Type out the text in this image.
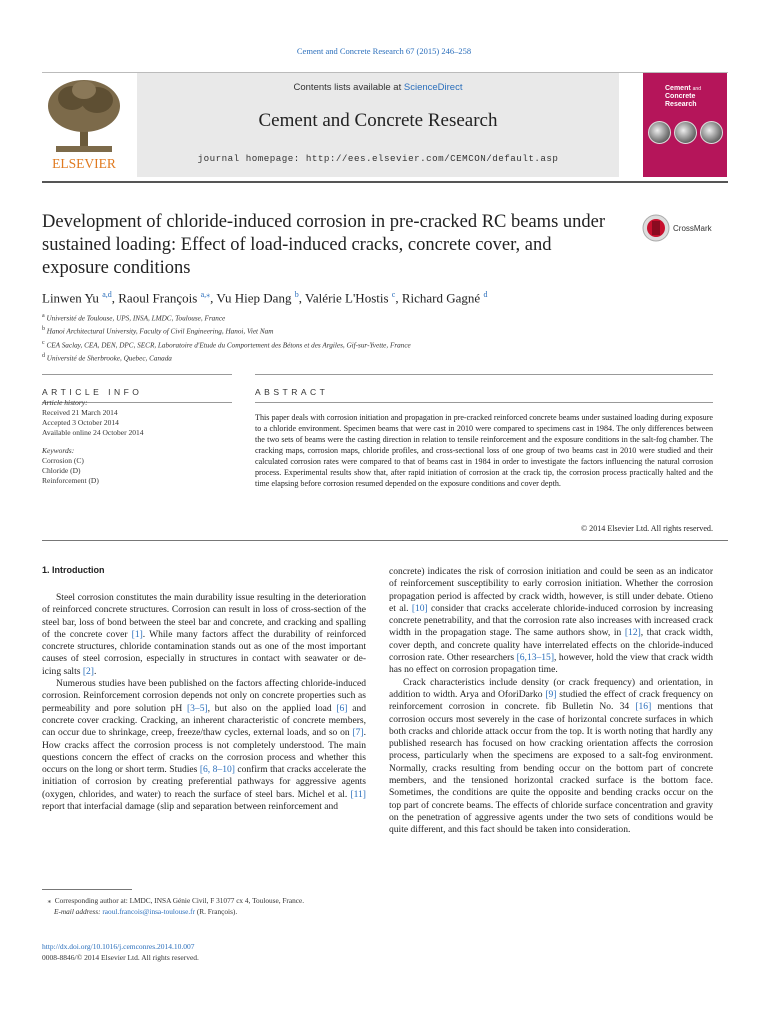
Cement and Concrete Research 67 (2015) 246–258
ELSEVIER
Contents lists available at ScienceDirect
Cement and Concrete Research
journal homepage: http://ees.elsevier.com/CEMCON/default.asp
Cement and
Concrete
Research
Development of chloride-induced corrosion in pre-cracked RC beams under sustained loading: Effect of load-induced cracks, concrete cover, and exposure conditions
CrossMark
Linwen Yu $^{a,d}$, Raoul François $^{a,⁎}$, Vu Hiep Dang $^b$, Valérie L'Hostis $^c$, Richard Gagné $^d$
$^a$ Université de Toulouse, UPS, INSA, LMDC, Toulouse, France
$^b$ Hanoi Architectural University, Faculty of Civil Engineering, Hanoi, Viet Nam
$^c$ CEA Saclay, CEA, DEN, DPC, SECR, Laboratoire d'Etude du Comportement des Bétons et des Argiles, Gif-sur-Yvette, France
$^d$ Université de Sherbrooke, Quebec, Canada
ARTICLE INFO	ABSTRACT
Article history:
Received 21 March 2014
Accepted 3 October 2014
Available online 24 October 2014
Keywords:
Corrosion (C)
Chloride (D)
Reinforcement (D)
This paper deals with corrosion initiation and propagation in pre-cracked reinforced concrete beams under sustained loading during exposure to a chloride environment. Specimen beams that were cast in 2010 were compared to specimens cast in 1984. The only differences between the two sets of beams were the casting direction in relation to tensile reinforcement and the exposure conditions in the salt-fog chamber. The cracking maps, corrosion maps, chloride profiles, and cross-sectional loss of one group of two beams cast in 2010 were studied and their calculated corrosion rates were compared to that of beams cast in 1984 in order to investigate the factors influencing the natural corrosion process. Experimental results show that, after rapid initiation of corrosion at the crack tip, the corrosion process practically halted and the time elapsing before corrosion resumed depended on the exposure conditions and cover depth.
© 2014 Elsevier Ltd. All rights reserved.
1. Introduction

Steel corrosion constitutes the main durability issue resulting in the deterioration of reinforced concrete structures. Corrosion can result in loss of cross-section of the steel bar, loss of bond between the steel bar and concrete, and cracking and spalling of the concrete cover [1]. While many factors affect the durability of reinforced concrete structures, chloride contamination stands out as one of the most important causes of steel corrosion, especially in structures in contact with seawater or de-icing salts [2].

Numerous studies have been published on the factors affecting chloride-induced corrosion. Reinforcement corrosion depends not only on concrete properties such as permeability and pore solution pH [3–5], but also on the applied load [6] and concrete cover cracking. Cracking, an inherent characteristic of concrete members, can occur due to shrinkage, creep, freeze/thaw cycles, external loads, and so on [7]. How cracks affect the corrosion process is not completely understood. The main questions concern the effect of cracks on the corrosion process and whether this occurs on the long or short term. Studies [6, 8–10] confirm that cracks accelerate the initiation of corrosion by creating preferential pathways for aggressive agents (oxygen, chlorides, and water) to reach the surface of steel bars. Michel et al. [11] report that interfacial damage (slip and separation between reinforcement and

concrete) indicates the risk of corrosion initiation and could be seen as an indicator of reinforcement susceptibility to early corrosion initiation. Whether the corrosion propagation period is affected by crack width, however, is still under debate. Otieno et al. [10] consider that cracks accelerate chloride-induced corrosion by increasing concrete penetrability, and that the corrosion rate also increases with increased crack width in the propagation stage. The same authors show, in [12], that crack width, cover depth, and concrete quality have interrelated effects on the chloride-induced corrosion rate. Other researchers [6,13–15], however, hold the view that crack width has no effect on corrosion propagation time.

Crack characteristics include density (or crack frequency) and orientation, in addition to width. Arya and OforiDarko [9] studied the effect of crack frequency on reinforcement corrosion in concrete. fib Bulletin No. 34 [16] mentions that corrosion occurs most severely in the case of horizontal concrete surfaces in which both cracks and chloride attack occur from the top. It is worth noting that hardly any published research has focused on how cracking orientation affects the corrosion process, particularly when the specimens are exposed to a salt-fog environment. Normally, cracks resulting from bending occur on the bottom part of concrete members, and the tensioned horizontal cracked surface is the bottom face. Sometimes, the conditions are quite the opposite and bending cracks occur on the top part of concrete beams. The effects of chloride surface concentration and gravity on the penetration of aggressive agents under the two sets of conditions would be quite different, and this fact should be taken into consideration.

⁎ Corresponding author at: LMDC, INSA Génie Civil, F 31077 cx 4, Toulouse, France.
E-mail address: raoul.francois@insa-toulouse.fr (R. François).
http://dx.doi.org/10.1016/j.cemconres.2014.10.007
0008-8846/© 2014 Elsevier Ltd. All rights reserved.
